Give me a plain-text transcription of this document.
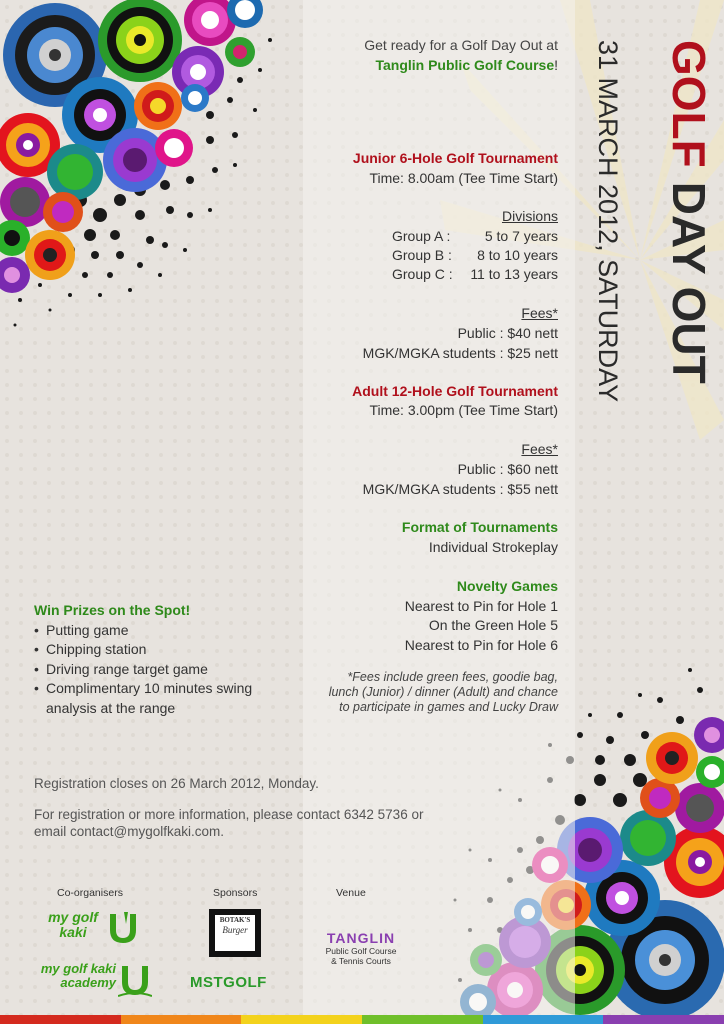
GOLFDAY OUT
31 MARCH 2012, SATURDAY
Get ready for a Golf Day Out at
Tanglin Public Golf Course!
Junior 6-Hole Golf Tournament
Time: 8.00am (Tee Time Start)
Divisions
Group A : 5 to 7 years
Group B : 8 to 10 years
Group C : 11 to 13 years
Fees*
Public : $40 nett
MGK/MGKA students : $25 nett
Adult 12-Hole Golf Tournament
Time: 3.00pm (Tee Time Start)
Fees*
Public : $60 nett
MGK/MGKA students : $55 nett
Format of Tournaments
Individual Strokeplay
Novelty Games
Nearest to Pin for Hole 1
On the Green Hole 5
Nearest to Pin for Hole 6
*Fees include green fees, goodie bag,
lunch (Junior) / dinner (Adult) and chance
to participate in games and Lucky Draw
Win Prizes on the Spot!
• Putting game
• Chipping station
• Driving range target game
• Complimentary 10 minutes swing
analysis at the range
Registration closes on 26 March 2012, Monday.
For registration or more information, please contact 6342 5736 or
email contact@mygolfkaki.com.
Co-organisers	Sponsors	Venue
my golf
kaki
my golf kaki
academy
BOTAK'S
Burger
MSTGOLF
TANGLIN
Public Golf Course
& Tennis Courts
